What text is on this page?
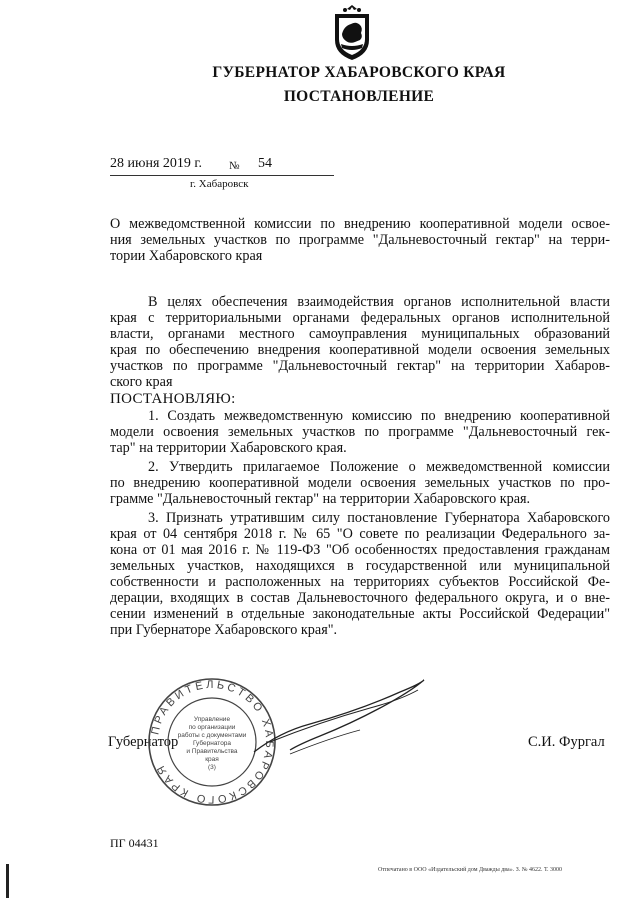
ГУБЕРНАТОР ХАБАРОВСКОГО КРАЯ
ПОСТАНОВЛЕНИЕ
28 июня 2019 г. № 54
г. Хабаровск
О межведомственной комиссии по внедрению кооперативной модели освое-
ния земельных участков по программе "Дальневосточный гектар" на терри-
тории Хабаровского края
В целях обеспечения взаимодействия органов исполнительной власти
края с территориальными органами федеральных органов исполнительной
власти, органами местного самоуправления муниципальных образований
края по обеспечению внедрения кооперативной модели освоения земельных
участков по программе "Дальневосточный гектар" на территории Хабаров-
ского края
ПОСТАНОВЛЯЮ:
1. Создать межведомственную комиссию по внедрению кооперативной
модели освоения земельных участков по программе "Дальневосточный гек-
тар" на территории Хабаровского края.
2. Утвердить прилагаемое Положение о межведомственной комиссии
по внедрению кооперативной модели освоения земельных участков по про-
грамме "Дальневосточный гектар" на территории Хабаровского края.
3. Признать утратившим силу постановление Губернатора Хабаровского
края от 04 сентября 2018 г. № 65 "О совете по реализации Федерального за-
кона от 01 мая 2016 г. № 119-ФЗ "Об особенностях предоставления гражданам
земельных участков, находящихся в государственной или муниципальной
собственности и расположенных на территориях субъектов Российской Фе-
дерации, входящих в состав Дальневосточного федерального округа, и о вне-
сении изменений в отдельные законодательные акты Российской Федерации"
при Губернаторе Хабаровского края".
Губернатор	С.И. Фургал
ПРАВИТЕЛЬСТВО ХАБАРОВСКОГО КРАЯ
Управление
по организации
работы с документами
Губернатора
и Правительства
края
(3)
ПГ 04431
Отпечатано в ООО «Издательский дом Дважды два». З. № 4622. Т. 3000
